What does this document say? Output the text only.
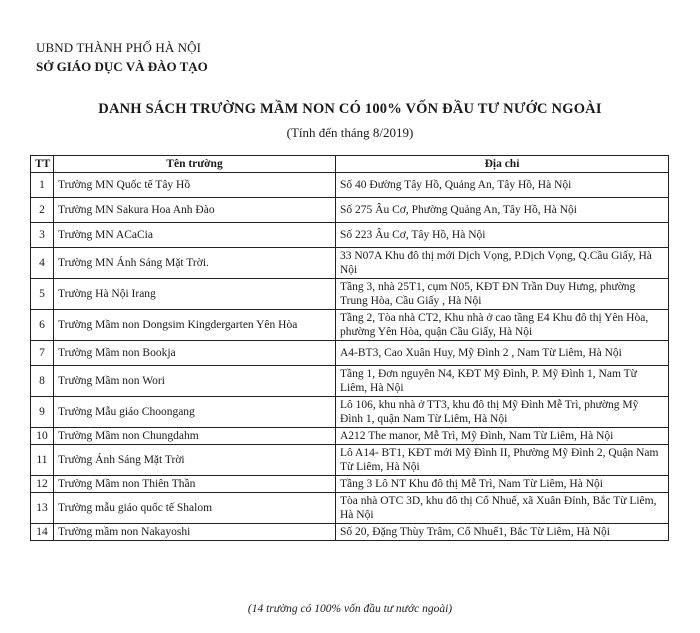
UBND THÀNH PHỐ HÀ NỘI
SỞ GIÁO DỤC VÀ ĐÀO TẠO
DANH SÁCH TRƯỜNG MẦM NON CÓ 100% VỐN ĐẦU TƯ NƯỚC NGOÀI
(Tính đến tháng 8/2019)
TT	Tên trường	Địa chỉ
1	Trường MN Quốc tế Tây Hồ	Số 40 Đường Tây Hồ, Quảng An, Tây Hồ, Hà Nội
2	Trường MN Sakura Hoa Anh Đào	Số 275 Âu Cơ, Phường Quảng An, Tây Hồ, Hà Nội
3	Trường MN ACaCia	Số 223 Âu Cơ, Tây Hồ, Hà Nội
4	Trường MN Ánh Sáng Mặt Trời.	33 N07A Khu đô thị mới Dịch Vọng, P.Dịch Vọng, Q.Cầu Giấy, Hà Nội
5	Trường Hà Nội Irang	Tầng 3, nhà 25T1, cụm N05, KĐT ĐN Trần Duy Hưng, phường Trung Hòa, Cầu Giấy , Hà Nội
6	Trường Mầm non Dongsim Kingdergarten Yên Hòa	Tầng 2, Tòa nhà CT2, Khu nhà ở cao tầng E4 Khu đô thị Yên Hòa, phường Yên Hòa, quận Cầu Giấy, Hà Nội
7	Trường Mầm non Bookja	A4-BT3, Cao Xuân Huy, Mỹ Đình 2 , Nam Từ Liêm, Hà Nội
8	Trường Mầm non Wori	Tầng 1, Đơn nguyên N4, KĐT Mỹ Đình, P. Mỹ Đình 1, Nam Từ Liêm, Hà Nội
9	Trường Mẫu giáo Choongang	Lô 106, khu nhà ở TT3, khu đô thị Mỹ Đình Mễ Trì, phường Mỹ Đình 1, quận Nam Từ Liêm, Hà Nội
10	Trường Mầm non Chungdahm	A212 The manor, Mễ Trì, Mỹ Đình, Nam Từ Liêm, Hà Nội
11	Trường Ánh Sáng Mặt Trời	Lô A14- BT1, KĐT mới Mỹ Đình II, Phường Mỹ Đình 2, Quận Nam Từ Liêm, Hà Nội
12	Trường Mầm non Thiên Thần	Tầng 3 Lô NT Khu đô thị Mễ Trì, Nam Từ Liêm, Hà Nội
13	Trường mẫu giáo quốc tế Shalom	Tòa nhà OTC 3D, khu đô thị Cổ Nhuế, xã Xuân Đỉnh, Bắc Từ Liêm, Hà Nội
14	Trường mầm non Nakayoshi	Số 20, Đặng Thùy Trâm, Cổ Nhuế1, Bắc Từ Liêm, Hà Nội
(14 trường có 100% vốn đầu tư nước ngoài)
